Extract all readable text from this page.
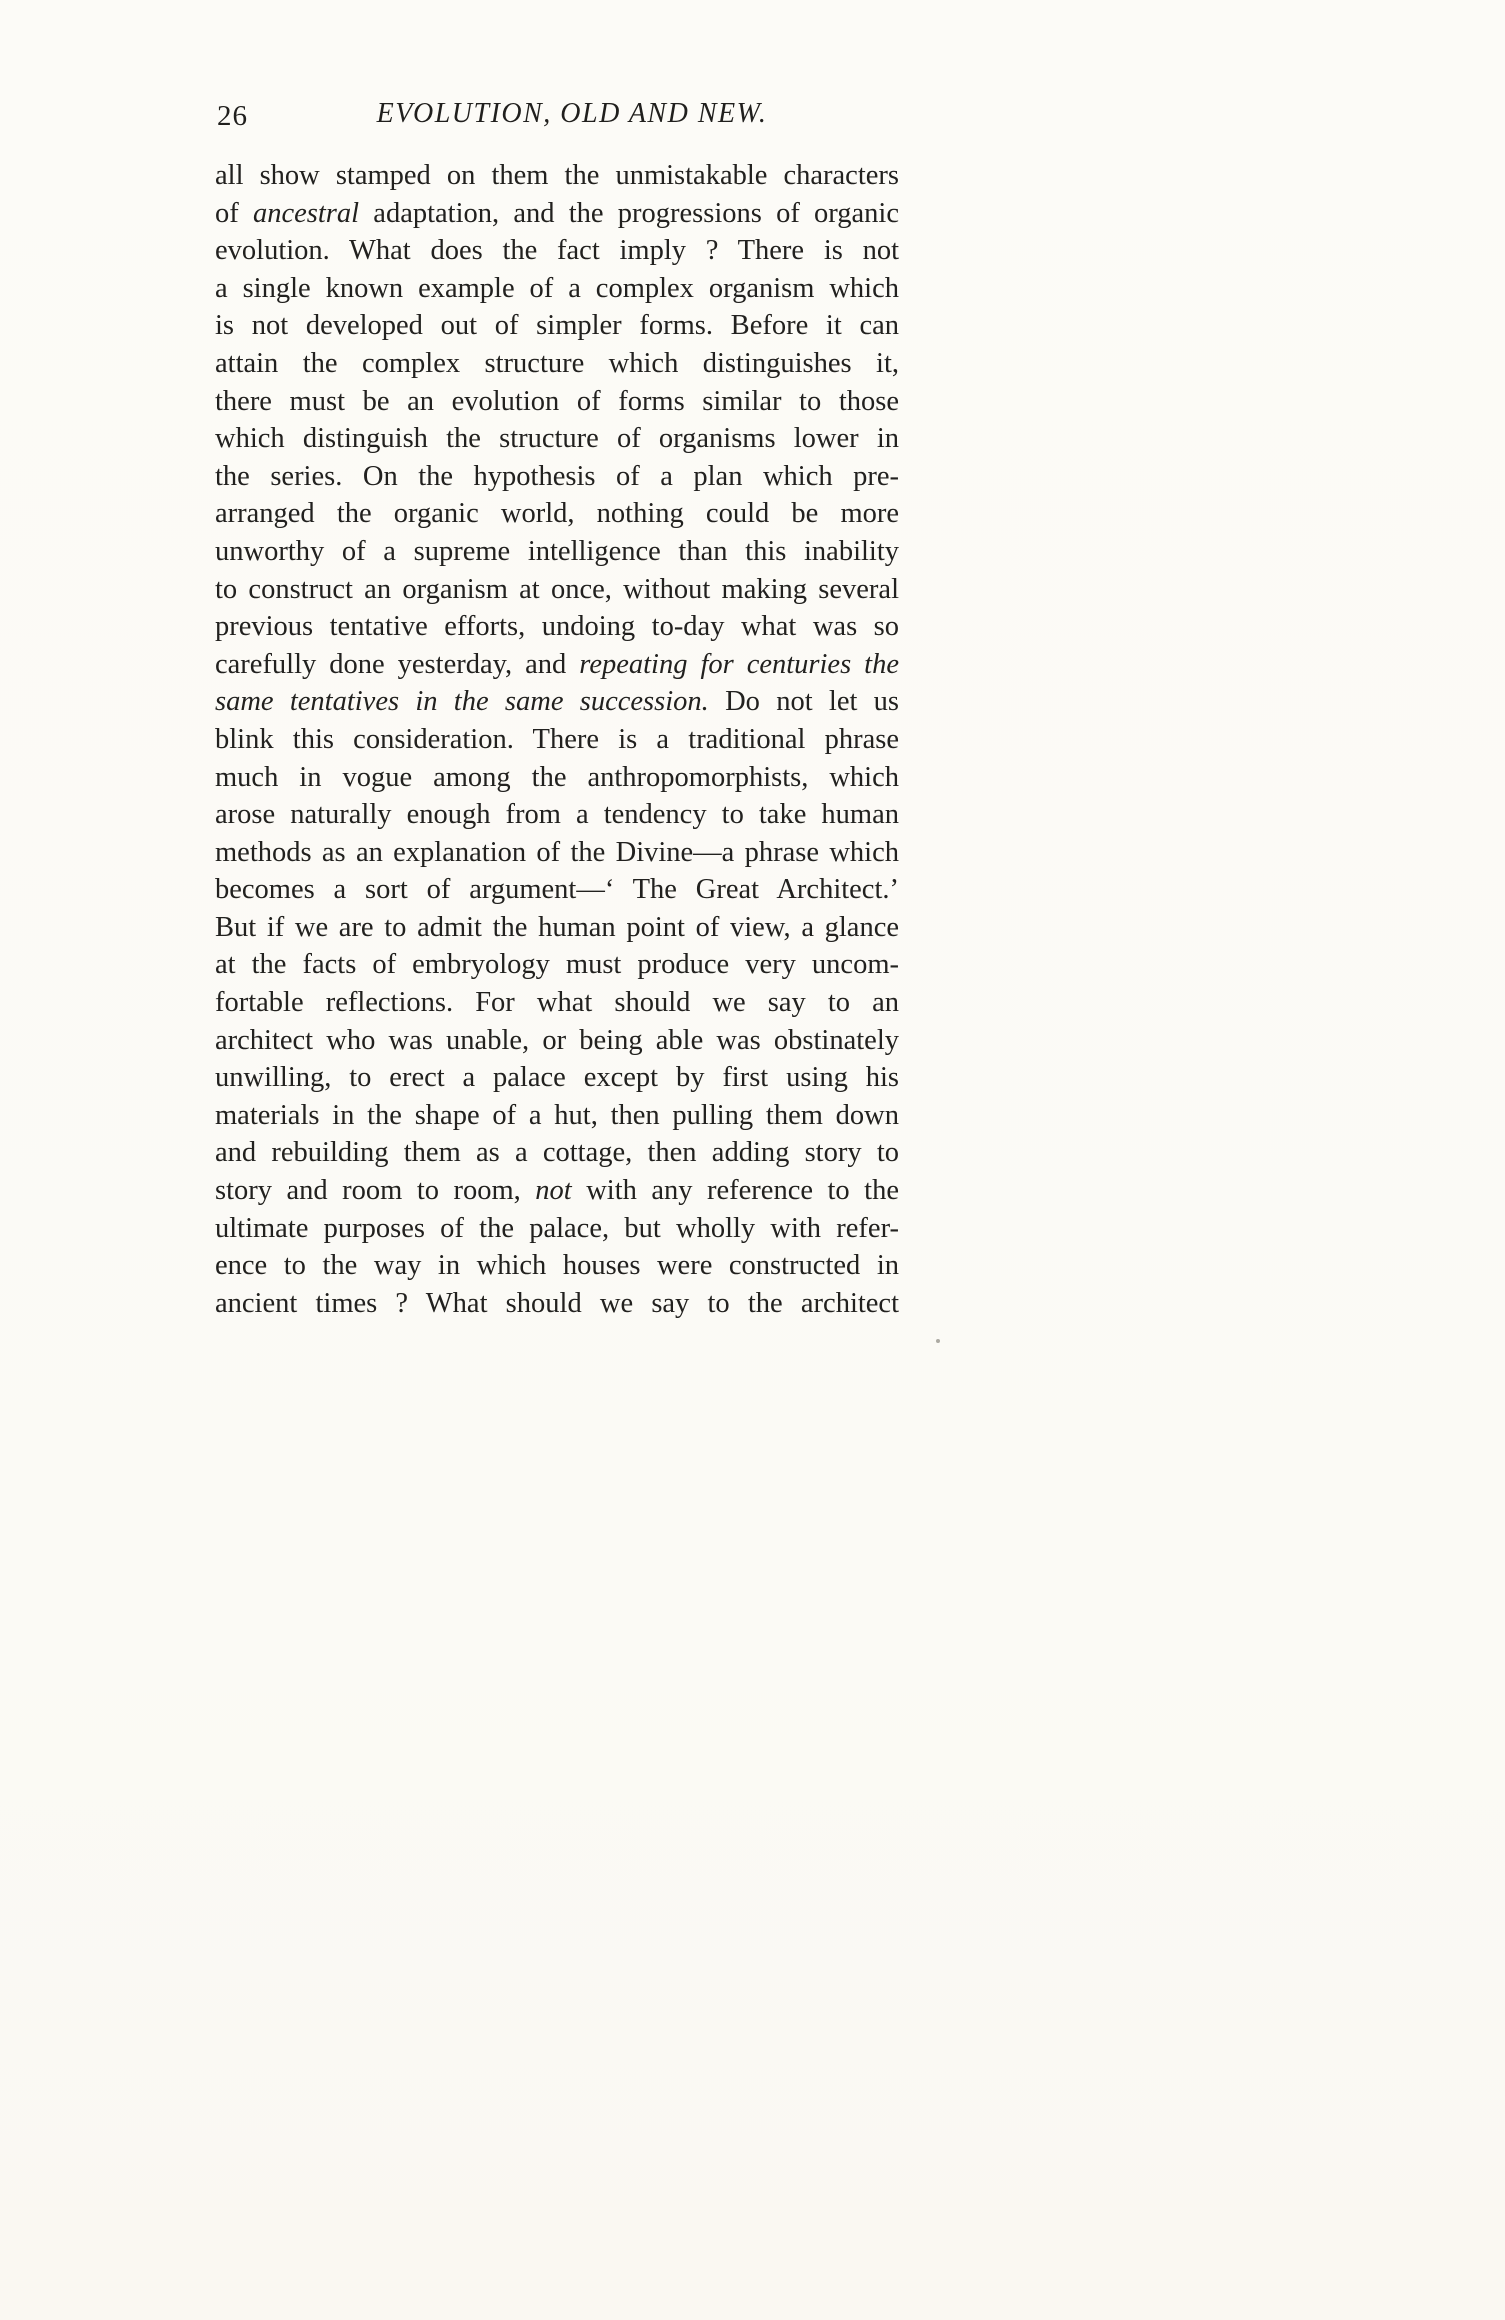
26	EVOLUTION, OLD AND NEW.
all show stamped on them the unmistakable characters
of ancestral adaptation, and the progressions of organic
evolution. What does the fact imply ? There is not
a single known example of a complex organism which
is not developed out of simpler forms. Before it can
attain the complex structure which distinguishes it,
there must be an evolution of forms similar to those
which distinguish the structure of organisms lower in
the series. On the hypothesis of a plan which pre-
arranged the organic world, nothing could be more
unworthy of a supreme intelligence than this inability
to construct an organism at once, without making several
previous tentative efforts, undoing to-day what was so
carefully done yesterday, and repeating for centuries the
same tentatives in the same succession. Do not let us
blink this consideration. There is a traditional phrase
much in vogue among the anthropomorphists, which
arose naturally enough from a tendency to take human
methods as an explanation of the Divine—a phrase which
becomes a sort of argument—‘ The Great Architect.’
But if we are to admit the human point of view, a glance
at the facts of embryology must produce very uncom-
fortable reflections. For what should we say to an
architect who was unable, or being able was obstinately
unwilling, to erect a palace except by first using his
materials in the shape of a hut, then pulling them down
and rebuilding them as a cottage, then adding story to
story and room to room, not with any reference to the
ultimate purposes of the palace, but wholly with refer-
ence to the way in which houses were constructed in
ancient times ? What should we say to the architect
